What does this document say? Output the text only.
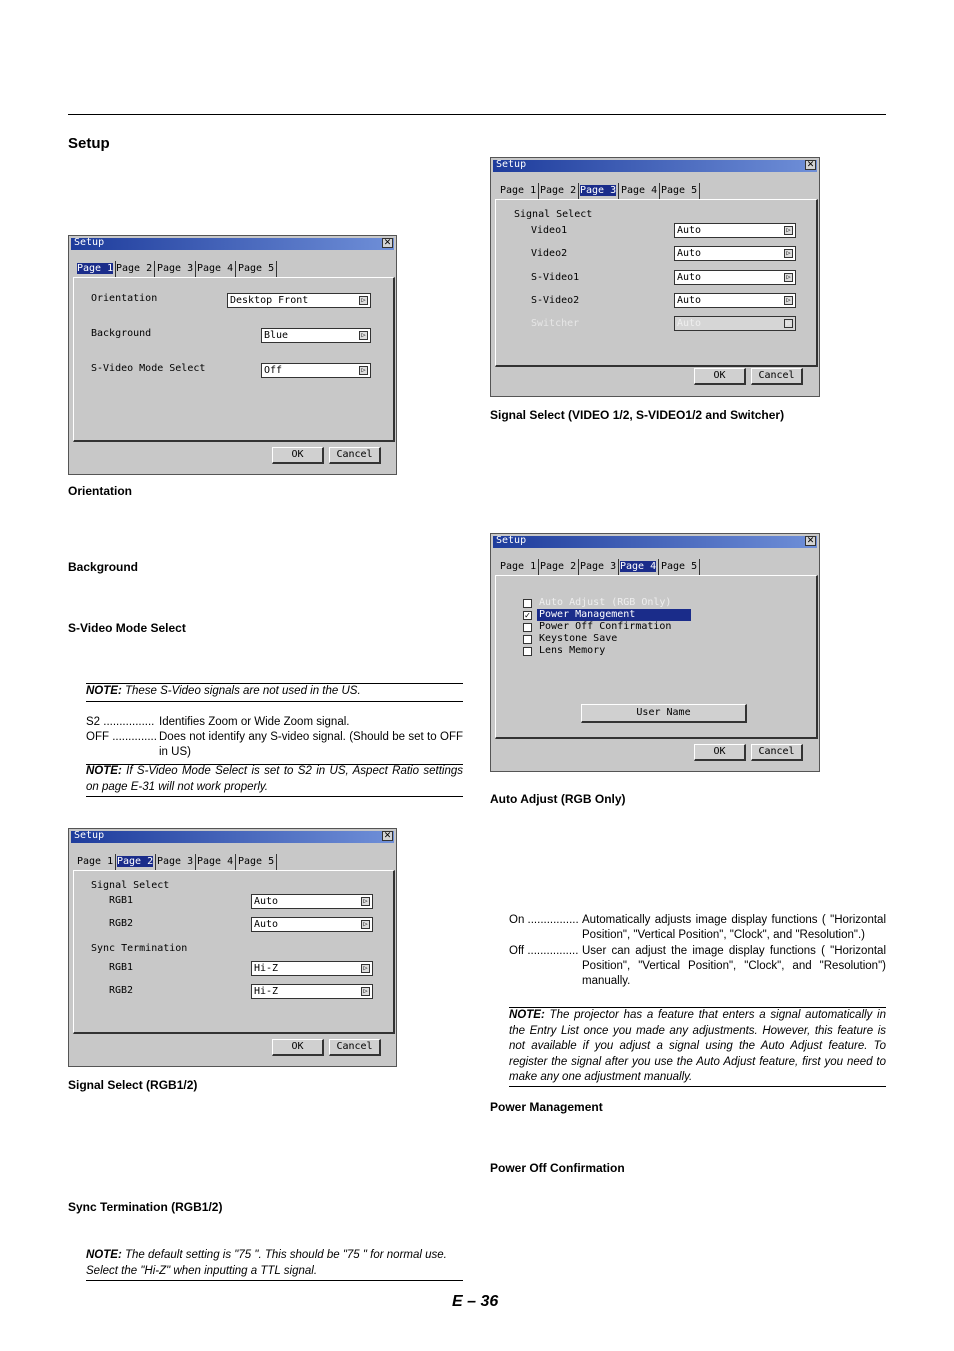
Setup
Setup	✕
Page 1 Page 2 Page 3 Page 4 Page 5
Orientation	Desktop Front	▷
Background	Blue	▷
S-Video Mode Select	Off	▷
OK	Cancel
Orientation
Background
S-Video Mode Select
NOTE: These S-Video signals are not used in the US.
S2 ................ Identifies Zoom or Wide Zoom signal.
OFF .............. Does not identify any S-video signal. (Should be set to OFF in US)
NOTE: If S-Video Mode Select is set to S2 in US, Aspect Ratio settings on page E-31 will not work properly.
Setup	✕
Page 1 Page 2 Page 3 Page 4 Page 5
Signal Select
RGB1	Auto	▷
RGB2	Auto	▷
Sync Termination
RGB1	Hi-Z	▷
RGB2	Hi-Z	▷
OK	Cancel
Signal Select (RGB1/2)
Sync Termination (RGB1/2)
NOTE: The default setting is "75 ". This should be "75 " for normal use. Select the "Hi-Z" when inputting a TTL signal.
Setup	✕
Page 1 Page 2 Page 3 Page 4 Page 5
Signal Select
Video1	Auto	▷
Video2	Auto	▷
S-Video1	Auto	▷
S-Video2	Auto	▷
Switcher	Auto	▷
OK	Cancel
Signal Select (VIDEO 1/2, S-VIDEO1/2 and Switcher)
Setup	✕
Page 1 Page 2 Page 3 Page 4 Page 5
Auto Adjust (RGB Only)
✓ Power Management
Power Off Confirmation
Keystone Save
Lens Memory
User Name
OK	Cancel
Auto Adjust (RGB Only)
On ................ Automatically adjusts image display functions ( "Horizontal Position", "Vertical Position", "Clock", and "Resolution".)
Off ................ User can adjust the image display functions ( "Horizontal Position", "Vertical Position", "Clock", and "Resolution") manually.
NOTE: The projector has a feature that enters a signal automatically in the Entry List once you made any adjustments. However, this feature is not available if you adjust a signal using the Auto Adjust feature. To register the signal after you use the Auto Adjust feature, first you need to make any one adjustment manually.
Power Management
Power Off Confirmation
E – 36
